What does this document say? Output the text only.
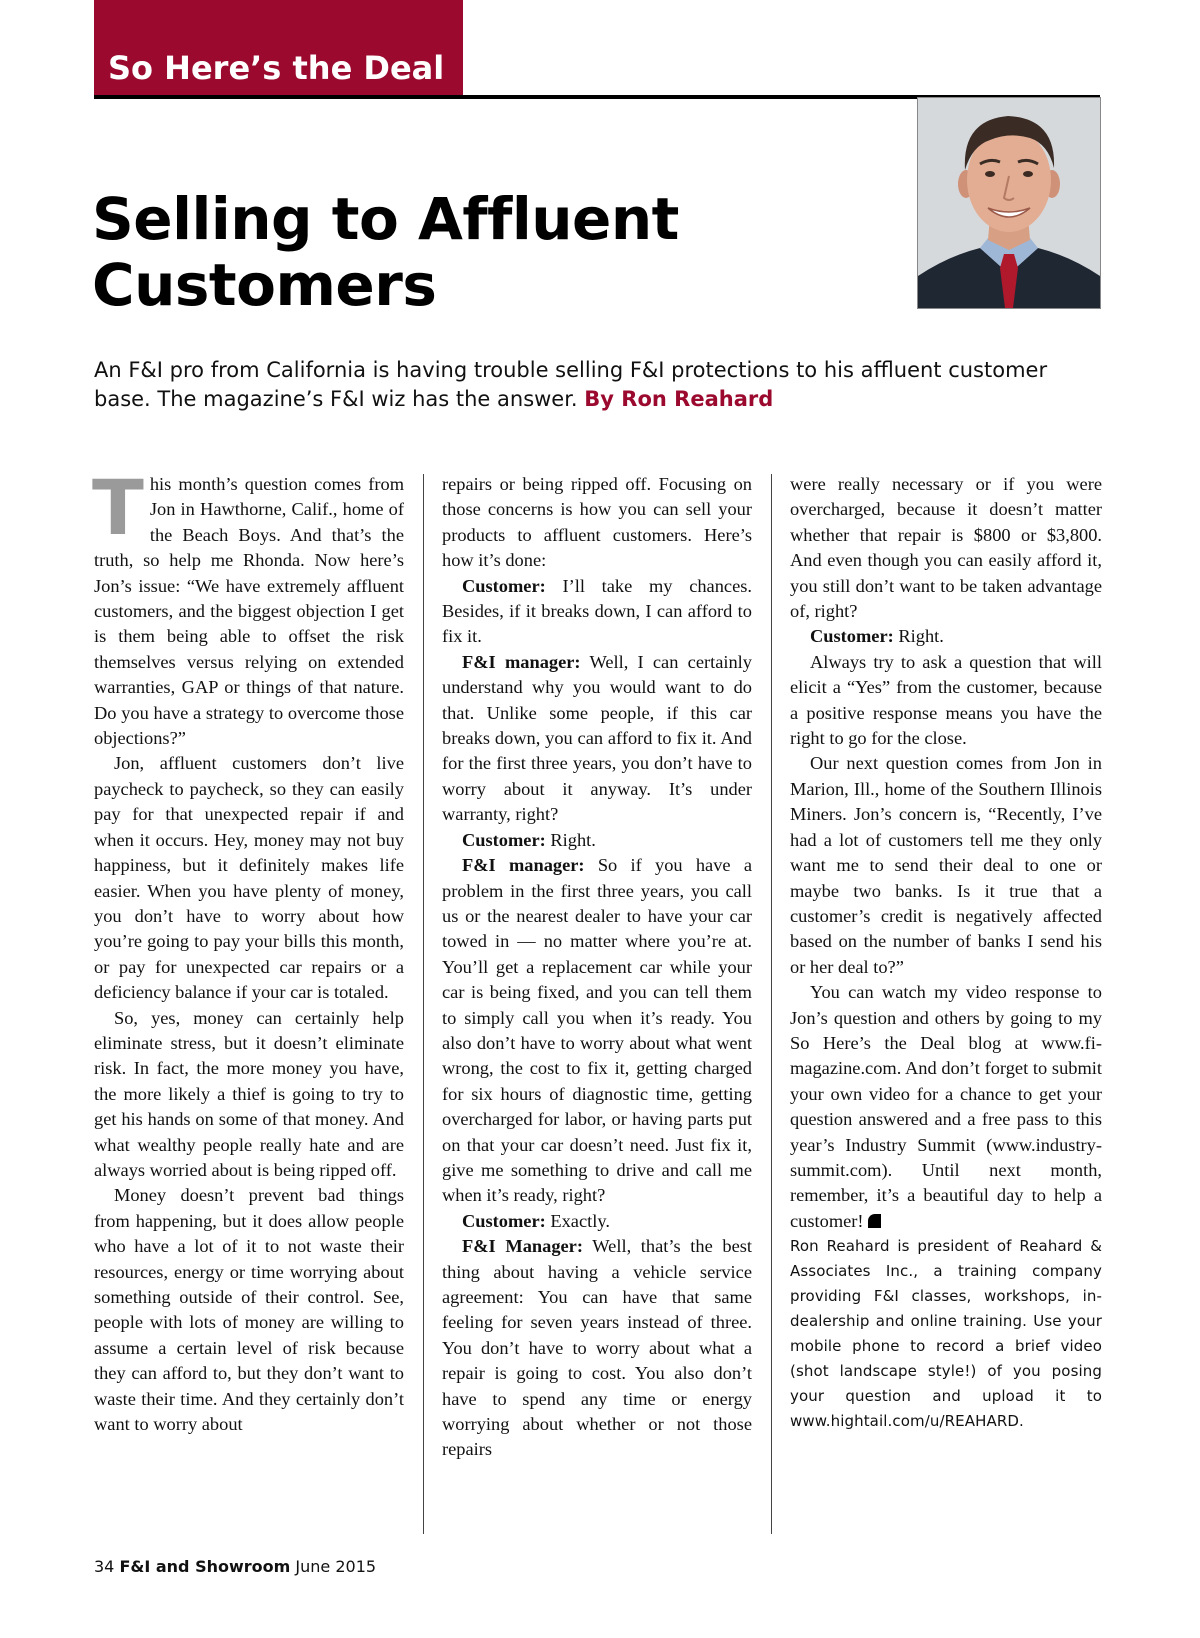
So Here’s the Deal
Selling to Affluent Customers

An F&I pro from California is having trouble selling F&I protections to his affluent customer base. The magazine’s F&I wiz has the answer. By Ron Reahard

This month’s question comes from Jon in Hawthorne, Calif., home of the Beach Boys. And that’s the truth, so help me Rhonda. Now here’s Jon’s issue: “We have extremely affluent customers, and the biggest objection I get is them being able to offset the risk themselves versus relying on extended warranties, GAP or things of that nature. Do you have a strategy to overcome those objections?”

Jon, affluent customers don’t live paycheck to paycheck, so they can easily pay for that unexpected repair if and when it occurs. Hey, money may not buy happiness, but it definitely makes life easier. When you have plenty of money, you don’t have to worry about how you’re going to pay your bills this month, or pay for unexpected car repairs or a deficiency balance if your car is totaled.

So, yes, money can certainly help eliminate stress, but it doesn’t eliminate risk. In fact, the more money you have, the more likely a thief is going to try to get his hands on some of that money. And what wealthy people really hate and are always worried about is being ripped off.

Money doesn’t prevent bad things from happening, but it does allow people who have a lot of it to not waste their resources, energy or time worrying about something outside of their control. See, people with lots of money are willing to assume a certain level of risk because they can afford to, but they don’t want to waste their time. And they certainly don’t want to worry about

repairs or being ripped off. Focusing on those concerns is how you can sell your products to affluent customers. Here’s how it’s done:

Customer: I’ll take my chances. Besides, if it breaks down, I can afford to fix it.

F&I manager: Well, I can certainly understand why you would want to do that. Unlike some people, if this car breaks down, you can afford to fix it. And for the first three years, you don’t have to worry about it anyway. It’s under warranty, right?

Customer: Right.

F&I manager: So if you have a problem in the first three years, you call us or the nearest dealer to have your car towed in — no matter where you’re at. You’ll get a replacement car while your car is being fixed, and you can tell them to simply call you when it’s ready. You also don’t have to worry about what went wrong, the cost to fix it, getting charged for six hours of diagnostic time, getting overcharged for labor, or having parts put on that your car doesn’t need. Just fix it, give me something to drive and call me when it’s ready, right?

Customer: Exactly.

F&I Manager: Well, that’s the best thing about having a vehicle service agreement: You can have that same feeling for seven years instead of three. You don’t have to worry about what a repair is going to cost. You also don’t have to spend any time or energy worrying about whether or not those repairs

were really necessary or if you were overcharged, because it doesn’t matter whether that repair is $800 or $3,800. And even though you can easily afford it, you still don’t want to be taken advantage of, right?

Customer: Right.

Always try to ask a question that will elicit a “Yes” from the customer, because a positive response means you have the right to go for the close.

Our next question comes from Jon in Marion, Ill., home of the Southern Illinois Miners. Jon’s concern is, “Recently, I’ve had a lot of customers tell me they only want me to send their deal to one or maybe two banks. Is it true that a customer’s credit is negatively affected based on the number of banks I send his or her deal to?”

You can watch my video response to Jon’s question and others by going to my So Here’s the Deal blog at www.fi-magazine.com. And don’t forget to submit your own video for a chance to get your question answered and a free pass to this year’s Industry Summit (www.industry-summit.com). Until next month, remember, it’s a beautiful day to help a customer!

Ron Reahard is president of Reahard & Associates Inc., a training company providing F&I classes, workshops, in-dealership and online training. Use your mobile phone to record a brief video (shot landscape style!) of you posing your question and upload it to www.hightail.com/u/REAHARD.

34 F&I and Showroom June 2015
